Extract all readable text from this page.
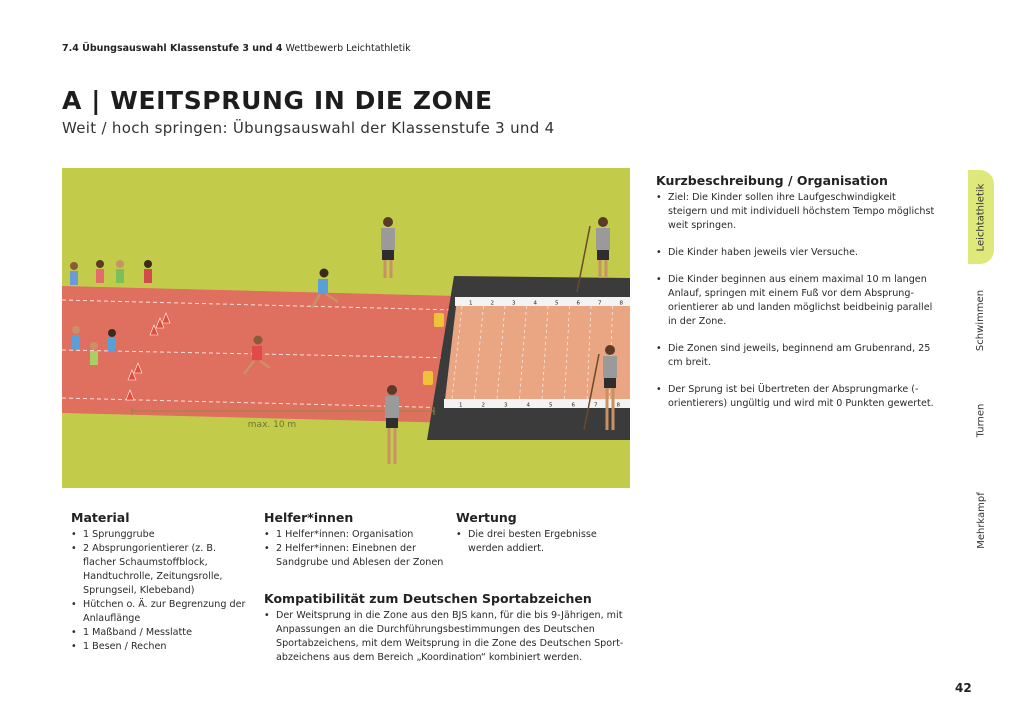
7.4 Übungsauswahl Klassenstufe 3 und 4 Wettbewerb Leichtathletik
A | WEITSPRUNG IN DIE ZONE
Weit / hoch springen: Übungsauswahl der Klassenstufe 3 und 4
1	2	3	4	5	6	7	8
1	2	3	4	5	6	7	8
max. 10 m
Kurzbeschreibung / Organisation
• Ziel: Die Kinder sollen ihre Laufgeschwindigkeit steigern und mit individuell höchstem Tempo möglichst weit springen.
• Die Kinder haben jeweils vier Versuche.
• Die Kinder beginnen aus einem maximal 10 m langen Anlauf, springen mit einem Fuß vor dem Absprungorientierer ab und landen möglichst beidbeinig parallel in der Zone.
• Die Zonen sind jeweils, beginnend am Grubenrand, 25 cm breit.
• Der Sprung ist bei Übertreten der Absprungmarke (-orientierers) ungültig und wird mit 0 Punkten gewertet.
Material
• 1 Sprunggrube
• 2 Absprungorientierer (z. B. flacher Schaumstoffblock, Handtuchrolle, Zeitungsrolle, Sprungseil, Klebeband)
• Hütchen o. Ä. zur Begrenzung der Anlauflänge
• 1 Maßband / Messlatte
• 1 Besen / Rechen
Helfer*innen
• 1 Helfer*innen: Organisation
• 2 Helfer*innen: Einebnen der Sandgrube und Ablesen der Zonen
Wertung
• Die drei besten Ergebnisse werden addiert.
Kompatibilität zum Deutschen Sportabzeichen
• Der Weitsprung in die Zone aus den BJS kann, für die bis 9-Jährigen, mit Anpassungen an die Durchführungsbestimmungen des Deutschen Sportabzeichens, mit dem Weitsprung in die Zone des Deutschen Sportabzeichens aus dem Bereich „Koordination“ kombiniert werden.
Leichtathletik
Schwimmen
Turnen
Mehrkampf
42
